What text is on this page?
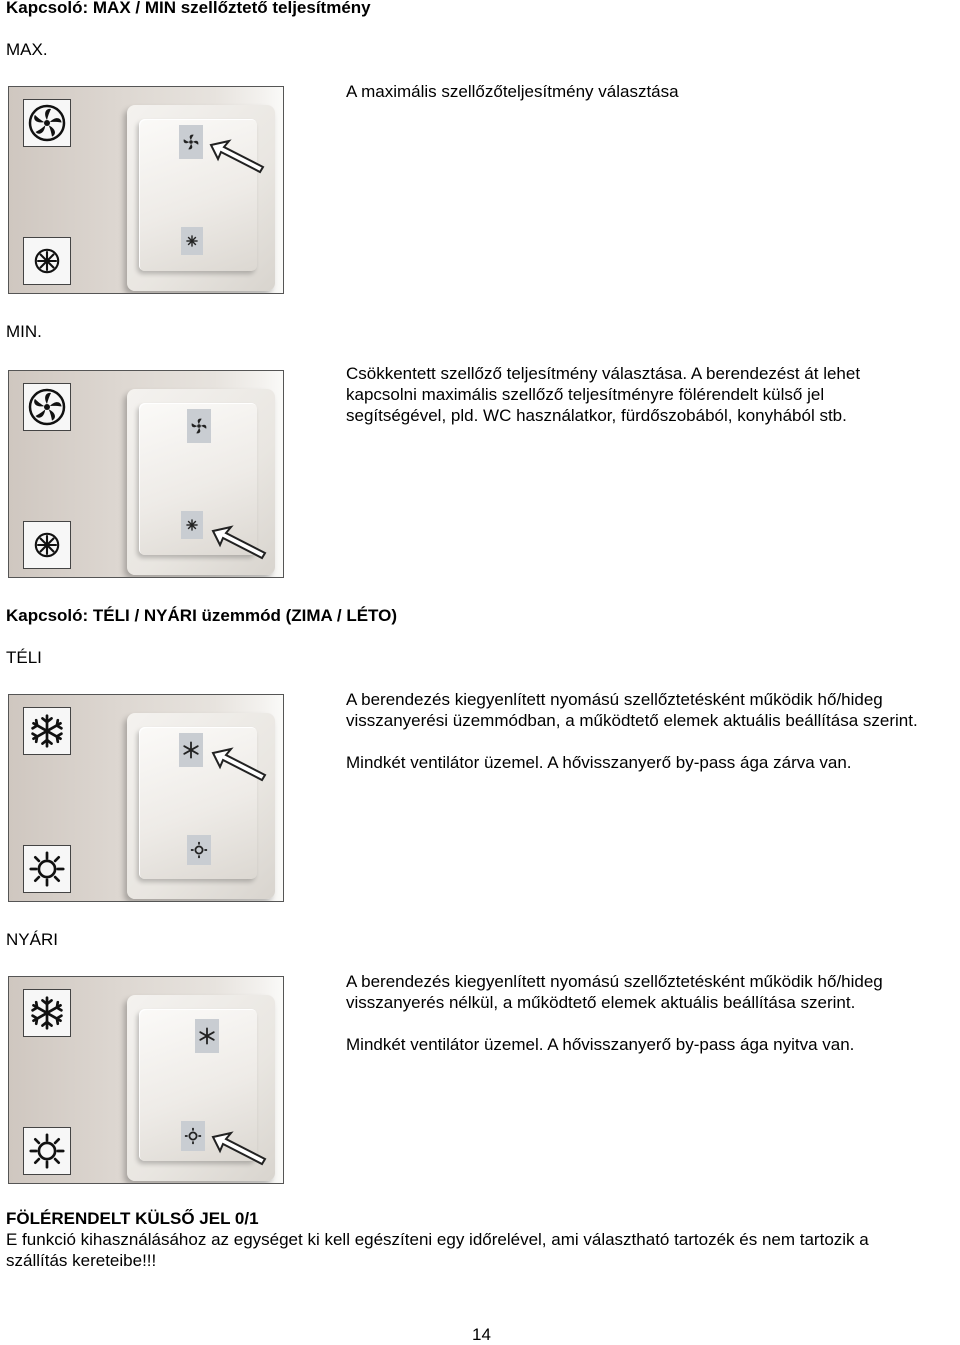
Kapcsoló: MAX / MIN szellőztető teljesítmény
MAX.
A maximális szellőzőteljesítmény választása
MIN.
Csökkentett szellőző teljesítmény választása. A berendezést át lehet
kapcsolni maximális szellőző teljesítményre fölérendelt külső jel
segítségével, pld. WC használatkor, fürdőszobából, konyhából stb.
Kapcsoló: TÉLI / NYÁRI üzemmód (ZIMA / LÉTO)
TÉLI
A berendezés kiegyenlített nyomású szellőztetésként működik hő/hideg
visszanyerési üzemmódban, a működtető elemek aktuális beállítása szerint.
Mindkét ventilátor üzemel. A hővisszanyerő by-pass ága zárva van.
NYÁRI
A berendezés kiegyenlített nyomású szellőztetésként működik hő/hideg
visszanyerés nélkül, a működtető elemek aktuális beállítása szerint.
Mindkét ventilátor üzemel. A hővisszanyerő by-pass ága nyitva van.
FÖLÉRENDELT KÜLSŐ JEL 0/1
E funkció kihasználásához az egységet ki kell egészíteni egy időrelével, ami választható tartozék és nem tartozik a
szállítás kereteibe!!!
14
